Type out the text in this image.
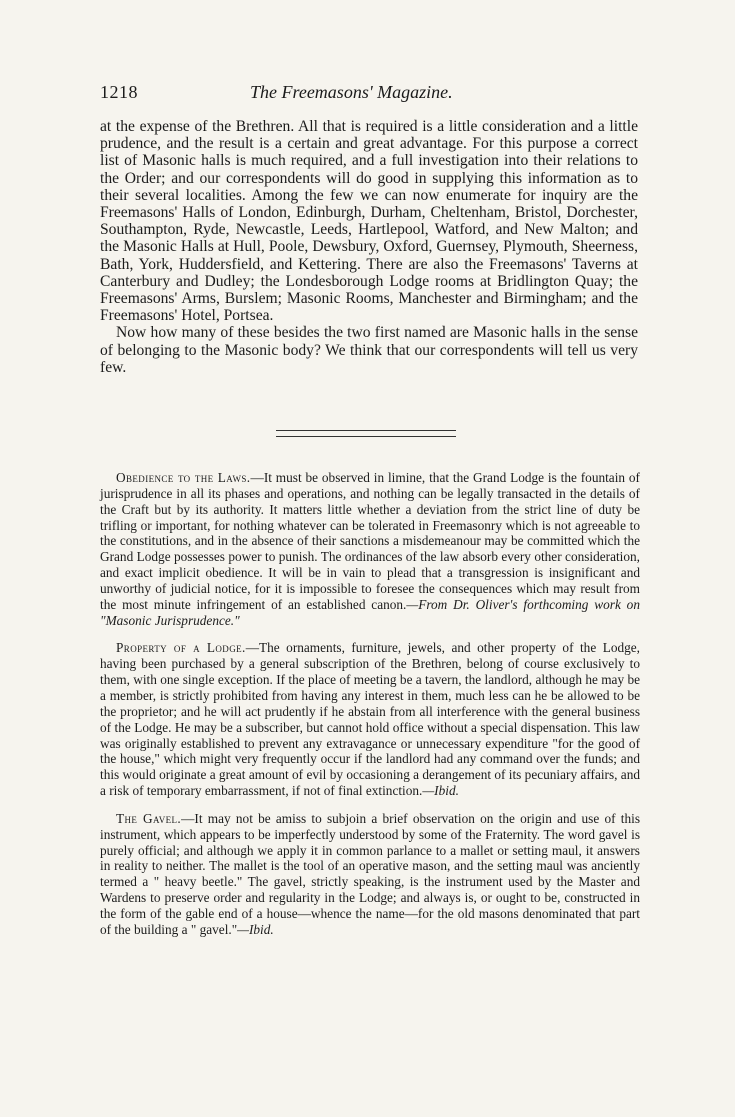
1218	The Freemasons' Magazine.

at the expense of the Brethren. All that is required is a little consideration and a little prudence, and the result is a certain and great advantage. For this purpose a correct list of Masonic halls is much required, and a full investigation into their relations to the Order; and our correspondents will do good in supplying this information as to their several localities. Among the few we can now enumerate for inquiry are the Freemasons' Halls of London, Edinburgh, Durham, Cheltenham, Bristol, Dorchester, Southampton, Ryde, Newcastle, Leeds, Hartlepool, Watford, and New Malton; and the Masonic Halls at Hull, Poole, Dewsbury, Oxford, Guernsey, Plymouth, Sheerness, Bath, York, Huddersfield, and Kettering. There are also the Freemasons' Taverns at Canterbury and Dudley; the Londesborough Lodge rooms at Bridlington Quay; the Freemasons' Arms, Burslem; Masonic Rooms, Manchester and Birmingham; and the Freemasons' Hotel, Portsea.

Now how many of these besides the two first named are Masonic halls in the sense of belonging to the Masonic body? We think that our correspondents will tell us very few.

Obedience to the Laws.—It must be observed in limine, that the Grand Lodge is the fountain of jurisprudence in all its phases and operations, and nothing can be legally transacted in the details of the Craft but by its authority. It matters little whether a deviation from the strict line of duty be trifling or important, for nothing whatever can be tolerated in Freemasonry which is not agreeable to the constitutions, and in the absence of their sanctions a misdemeanour may be committed which the Grand Lodge possesses power to punish. The ordinances of the law absorb every other consideration, and exact implicit obedience. It will be in vain to plead that a transgression is insignificant and unworthy of judicial notice, for it is impossible to foresee the consequences which may result from the most minute infringement of an established canon.—From Dr. Oliver's forthcoming work on "Masonic Jurisprudence."

Property of a Lodge.—The ornaments, furniture, jewels, and other property of the Lodge, having been purchased by a general subscription of the Brethren, belong of course exclusively to them, with one single exception. If the place of meeting be a tavern, the landlord, although he may be a member, is strictly prohibited from having any interest in them, much less can he be allowed to be the proprietor; and he will act prudently if he abstain from all interference with the general business of the Lodge. He may be a subscriber, but cannot hold office without a special dispensation. This law was originally established to prevent any extravagance or unnecessary expenditure "for the good of the house," which might very frequently occur if the landlord had any command over the funds; and this would originate a great amount of evil by occasioning a derangement of its pecuniary affairs, and a risk of temporary embarrassment, if not of final extinction.—Ibid.

The Gavel.—It may not be amiss to subjoin a brief observation on the origin and use of this instrument, which appears to be imperfectly understood by some of the Fraternity. The word gavel is purely official; and although we apply it in common parlance to a mallet or setting maul, it answers in reality to neither. The mallet is the tool of an operative mason, and the setting maul was anciently termed a " heavy beetle." The gavel, strictly speaking, is the instrument used by the Master and Wardens to preserve order and regularity in the Lodge; and always is, or ought to be, constructed in the form of the gable end of a house—whence the name—for the old masons denominated that part of the building a " gavel."—Ibid.
